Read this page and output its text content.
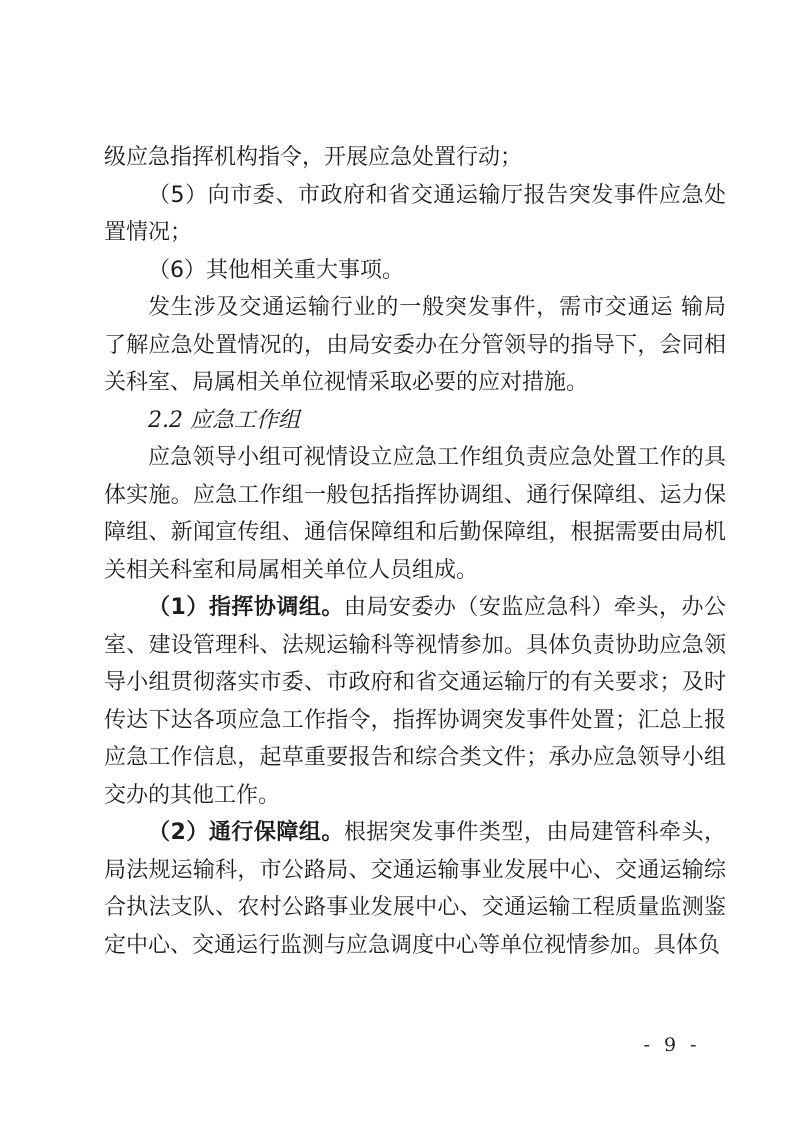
级应急指挥机构指令，开展应急处置行动；

（5）向市委、市政府和省交通运输厅报告突发事件应急处置情况；

（6）其他相关重大事项。

发生涉及交通运输行业的一般突发事件，需市交通运 输局了解应急处置情况的，由局安委办在分管领导的指导下，会同相关科室、局属相关单位视情采取必要的应对措施。

2.2 应急工作组

应急领导小组可视情设立应急工作组负责应急处置工作的具体实施。应急工作组一般包括指挥协调组、通行保障组、运力保障组、新闻宣传组、通信保障组和后勤保障组，根据需要由局机关相关科室和局属相关单位人员组成。

（1）指挥协调组。由局安委办（安监应急科）牵头，办公室、建设管理科、法规运输科等视情参加。具体负责协助应急领导小组贯彻落实市委、市政府和省交通运输厅的有关要求；及时传达下达各项应急工作指令，指挥协调突发事件处置；汇总上报应急工作信息，起草重要报告和综合类文件；承办应急领导小组交办的其他工作。

（2）通行保障组。根据突发事件类型，由局建管科牵头，局法规运输科，市公路局、交通运输事业发展中心、交通运输综合执法支队、农村公路事业发展中心、交通运输工程质量监测鉴定中心、交通运行监测与应急调度中心等单位视情参加。具体负

- 9 -
